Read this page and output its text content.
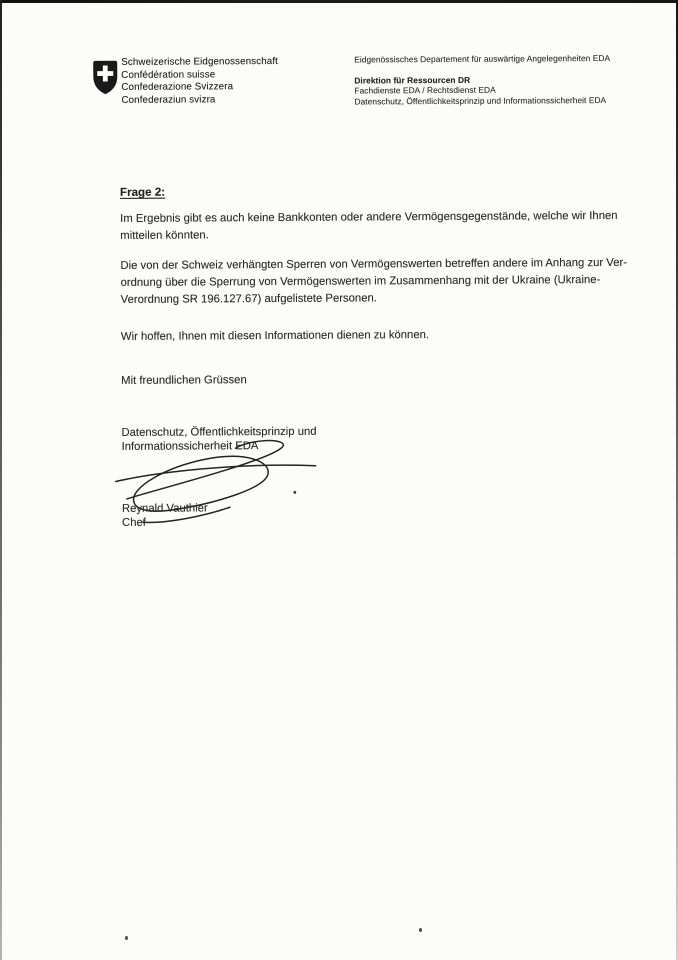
Schweizerische Eidgenossenschaft
Confédération suisse
Confederazione Svizzera
Confederaziun svizra
Eidgenössisches Departement für auswärtige Angelegenheiten EDA
Direktion für Ressourcen DR
Fachdienste EDA / Rechtsdienst EDA
Datenschutz, Öffentlichkeitsprinzip und Informationssicherheit EDA
Frage 2:
Im Ergebnis gibt es auch keine Bankkonten oder andere Vermögensgegenstände, welche wir Ihnen
mitteilen könnten.
Die von der Schweiz verhängten Sperren von Vermögenswerten betreffen andere im Anhang zur Ver-
ordnung über die Sperrung von Vermögenswerten im Zusammenhang mit der Ukraine (Ukraine-
Verordnung SR 196.127.67) aufgelistete Personen.
Wir hoffen, Ihnen mit diesen Informationen dienen zu können.
Mit freundlichen Grüssen
Datenschutz, Öffentlichkeitsprinzip und
Informationssicherheit EDA
Reynald Vauthier
Chef
